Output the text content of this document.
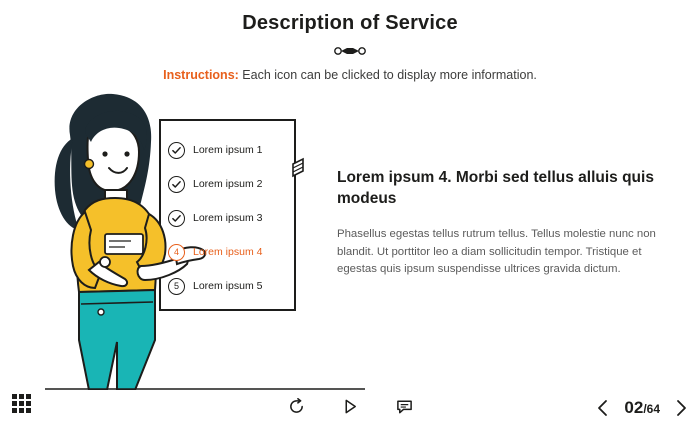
Description of Service
Instructions: Each icon can be clicked to display more information.
Lorem ipsum 1
Lorem ipsum 2
Lorem ipsum 3
4	Lorem ipsum 4
5	Lorem ipsum 5
Lorem ipsum 4. Morbi sed tellus alluis quis modeus

Phasellus egestas tellus rutrum tellus. Tellus molestie nunc non blandit. Ut porttitor leo a diam sollicitudin tempor. Tristique et egestas quis ipsum suspendisse ultrices gravida dictum.

02/64
